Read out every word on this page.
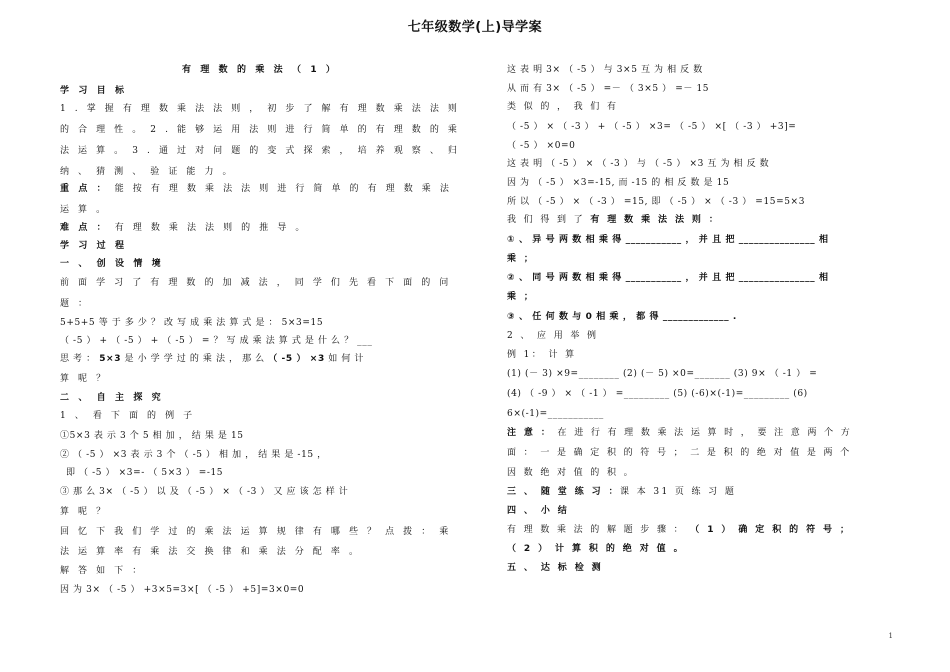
七年级数学(上)导学案
有 理 数 的 乘 法 （ 1 ）
学 习 目 标
1 . 掌 握 有 理 数 乘 法 法 则 ， 初 步 了 解 有 理 数 乘 法 法 则
的 合 理 性 。 2 . 能 够 运 用 法 则 进 行 简 单 的 有 理 数 的 乘
法 运 算 。 3 . 通 过 对 问 题 的 变 式 探 索 ， 培 养 观 察 、 归
纳 、 猜 测 、 验 证 能 力 。
重 点 ： 能 按 有 理 数 乘 法 法 则 进 行 简 单 的 有 理 数 乘 法
运 算 。
难 点 ： 有 理 数 乘 法 法 则 的 推 导 。
学 习 过 程
一 、 创 设 情 境
前 面 学 习 了 有 理 数 的 加 减 法 ， 同 学 们 先 看 下 面 的 问
题 ：
5+5+5 等 于 多 少 ？ 改 写 成 乘 法 算 式 是 ： 5×3=15
（ -5 ） + （ -5 ） + （ -5 ） = ？ 写 成 乘 法 算 式 是 什 么 ？ ___
思 考 ： 5×3 是 小 学 学 过 的 乘 法 ， 那 么 （ -5 ） ×3 如 何 计
算 呢 ？
二 、 自 主 探 究
1 、 看 下 面 的 例 子
①5×3 表 示 3 个 5 相 加 ， 结 果 是 15
② （ -5 ） ×3 表 示 3 个 （ -5 ） 相 加 ， 结 果 是 -15 ，
即 （ -5 ） ×3=- （ 5×3 ） =-15
③ 那 么 3× （ -5 ） 以 及 （ -5 ） × （ -3 ） 又 应 该 怎 样 计
算 呢 ？
回 忆 下 我 们 学 过 的 乘 法 运 算 规 律 有 哪 些 ？ 点 拨 ： 乘
法 运 算 率 有 乘 法 交 换 律 和 乘 法 分 配 率 。
解 答 如 下 ：
因 为 3× （ -5 ） +3×5=3×[ （ -5 ） +5]=3×0=0
这 表 明 3× （ -5 ） 与 3×5 互 为 相 反 数
从 而 有 3× （ -5 ） =－ （ 3×5 ） =－ 15
类 似 的 ， 我 们 有
（ -5 ） × （ -3 ） + （ -5 ） ×3= （ -5 ） ×[ （ -3 ） +3]=
（ -5 ） ×0=0
这 表 明 （ -5 ） × （ -3 ） 与 （ -5 ） ×3 互 为 相 反 数
因 为 （ -5 ） ×3=-15, 而 -15 的 相 反 数 是 15
所 以 （ -5 ） × （ -3 ） =15, 即 （ -5 ） × （ -3 ） =15=5×3
我 们 得 到 了 有 理 数 乘 法 法 则 ：
① 、 异 号 两 数 相 乘 得 ___________ ， 并 且 把 _______________ 相
乘 ；
② 、 同 号 两 数 相 乘 得 ___________ ， 并 且 把 _______________ 相
乘 ；
③ 、 任 何 数 与 0 相 乘 ， 都 得 _____________ .
2 、 应 用 举 例
例 1： 计 算
(1) (－ 3) ×9=________ (2) (－ 5) ×0=_______ (3) 9× （ -1 ） =
(4) （ -9 ） × （ -1 ） =_________ (5) (-6)×(-1)=_________ (6)
6×(-1)=___________
注 意 ： 在 进 行 有 理 数 乘 法 运 算 时 ， 要 注 意 两 个 方
面 ： 一 是 确 定 积 的 符 号 ； 二 是 积 的 绝 对 值 是 两 个
因 数 绝 对 值 的 积 。
三 、 随 堂 练 习 ：课 本 31 页 练 习 题
四 、 小 结
有 理 数 乘 法 的 解 题 步 骤 ： （ 1 ） 确 定 积 的 符 号 ；
（ 2 ） 计 算 积 的 绝 对 值 。
五 、 达 标 检 测
1
